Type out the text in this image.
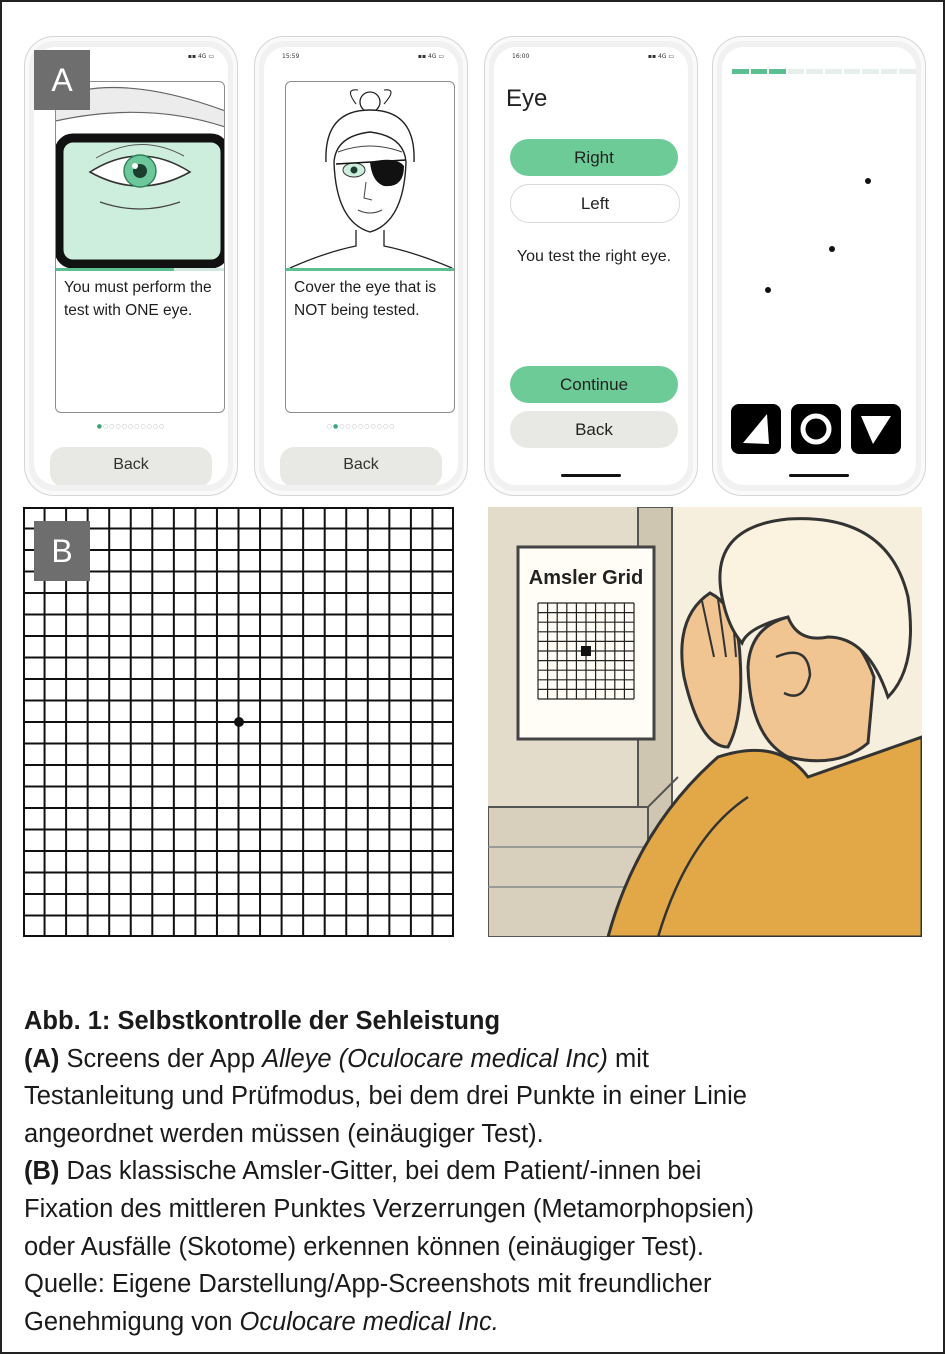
▪▪ 4G ▭
You must perform the test with ONE eye.
●○○○○○○○○○○
Back
15:59	▪▪ 4G ▭
Cover the eye that is NOT being tested.
○●○○○○○○○○○
Back
16:00	▪▪ 4G ▭
Eye
Right
Left
You test the right eye.
Continue
Back
A
B
Amsler Grid
Abb. 1: Selbstkontrolle der Sehleistung
(A) Screens der App Alleye (Oculocare medical Inc) mit
Testanleitung und Prüfmodus, bei dem drei Punkte in einer Linie
angeordnet werden müssen (einäugiger Test).
(B) Das klassische Amsler-Gitter, bei dem Patient/-innen bei
Fixation des mittleren Punktes Verzerrungen (Metamorphopsien)
oder Ausfälle (Skotome) erkennen können (einäugiger Test).
Quelle: Eigene Darstellung/App-Screenshots mit freundlicher
Genehmigung von Oculocare medical Inc.
